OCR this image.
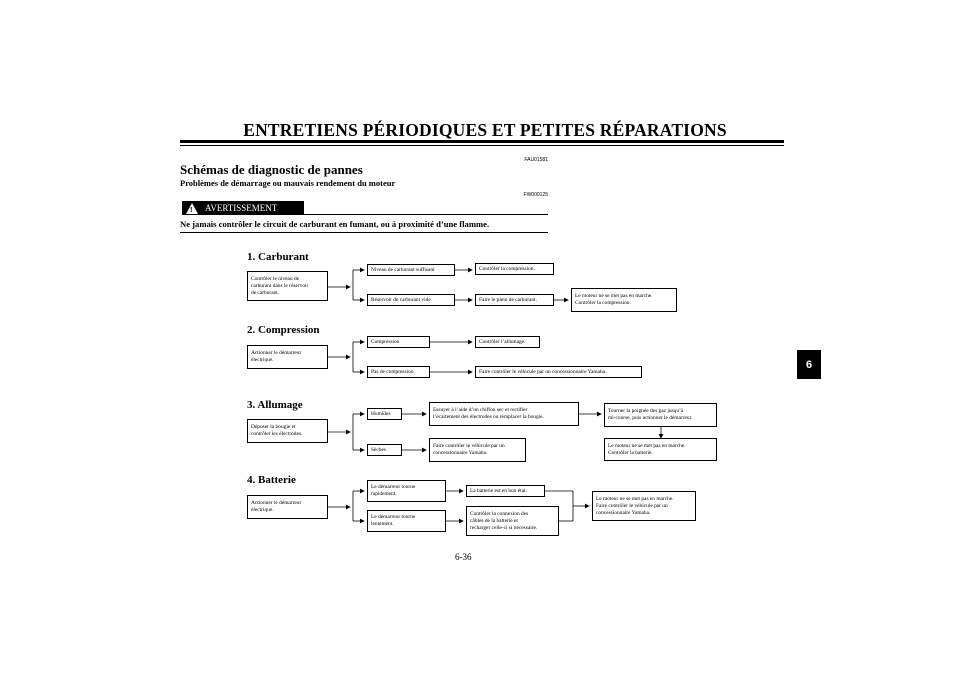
ENTRETIENS PÉRIODIQUES ET PETITES RÉPARATIONS
FAU01581
Schémas de diagnostic de pannes
Problèmes de démarrage ou mauvais rendement du moteur
FW000125
! AVERTISSEMENT
Ne jamais contrôler le circuit de carburant en fumant, ou à proximité d’une flamme.
6
1. Carburant
Contrôler le niveau de
carburant dans le réservoir
de carburant.
Niveau de carburant suffisant	Contrôler la compression.
Réservoir de carburant vide	Faire le plein de carburant.
Le moteur ne se met pas en marche.
Contrôler la compression.
2. Compression
Actionner le démarreur
électrique.
Compression	Contrôler l’allumage.
Pas de compression	Faire contrôler le véhicule par un concessionnaire Yamaha.
3. Allumage
Déposer la bougie et
contrôler les électrodes.
Humides
Essuyer à l’aide d’un chiffon sec et rectifier
l’écartement des électrodes ou remplacer la bougie.
Tourner la poignée des gaz jusqu’à
mi-course, puis actionner le démarreur.
Le moteur ne se met pas en marche.
Contrôler la batterie.
Sèches
Faire contrôler le véhicule par un
concessionnaire Yamaha.
4. Batterie
Actionner le démarreur
électrique.
Le démarreur tourne
rapidement.
La batterie est en bon état.
Le démarreur tourne
lentement.
Contrôler la connexion des
câbles de la batterie et
recharger celle-ci si nécessaire.
Le moteur ne se met pas en marche.
Faire contrôler le véhicule par un
concessionnaire Yamaha.
6-36
